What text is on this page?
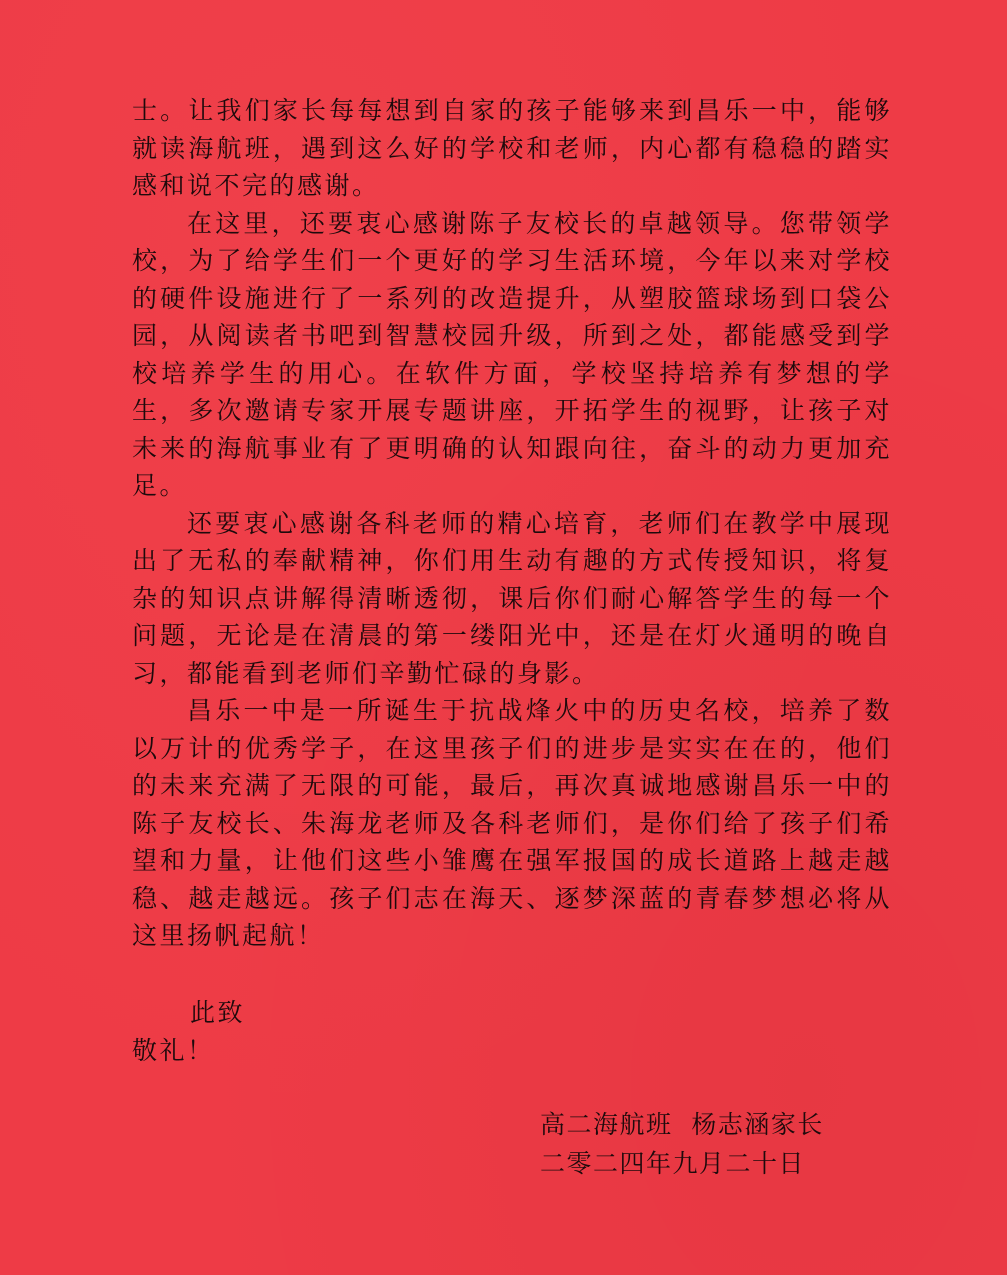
士。让我们家长每每想到自家的孩子能够来到昌乐一中，能够就读海航班，遇到这么好的学校和老师，内心都有稳稳的踏实感和说不完的感谢。

在这里，还要衷心感谢陈子友校长的卓越领导。您带领学校，为了给学生们一个更好的学习生活环境，今年以来对学校的硬件设施进行了一系列的改造提升，从塑胶篮球场到口袋公园，从阅读者书吧到智慧校园升级，所到之处，都能感受到学校培养学生的用心。在软件方面，学校坚持培养有梦想的学生，多次邀请专家开展专题讲座，开拓学生的视野，让孩子对未来的海航事业有了更明确的认知跟向往，奋斗的动力更加充足。

还要衷心感谢各科老师的精心培育，老师们在教学中展现出了无私的奉献精神，你们用生动有趣的方式传授知识，将复杂的知识点讲解得清晰透彻，课后你们耐心解答学生的每一个问题，无论是在清晨的第一缕阳光中，还是在灯火通明的晚自习，都能看到老师们辛勤忙碌的身影。

昌乐一中是一所诞生于抗战烽火中的历史名校，培养了数以万计的优秀学子，在这里孩子们的进步是实实在在的，他们的未来充满了无限的可能，最后，再次真诚地感谢昌乐一中的陈子友校长、朱海龙老师及各科老师们，是你们给了孩子们希望和力量，让他们这些小雏鹰在强军报国的成长道路上越走越稳、越走越远。孩子们志在海天、逐梦深蓝的青春梦想必将从这里扬帆起航！

此致

敬礼！

高二海航班  杨志涵家长

二零二四年九月二十日
